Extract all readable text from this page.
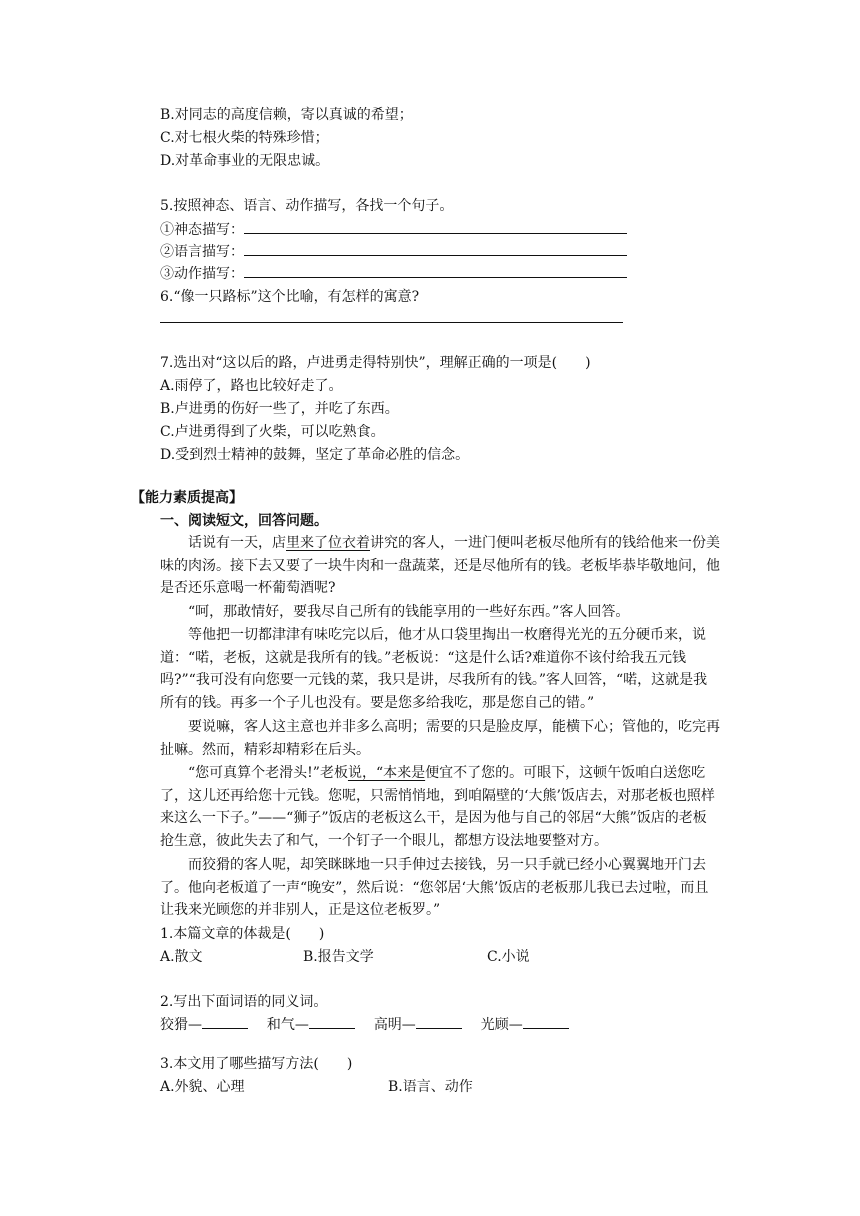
B.对同志的高度信赖，寄以真诚的希望；
C.对七根火柴的特殊珍惜；
D.对革命事业的无限忠诚。
5.按照神态、语言、动作描写，各找一个句子。
①神态描写：
②语言描写：
③动作描写：
6.“像一只路标”这个比喻，有怎样的寓意?
7.选出对“这以后的路，卢进勇走得特别快”，理解正确的一项是(　　)
A.雨停了，路也比较好走了。
B.卢进勇的伤好一些了，并吃了东西。
C.卢进勇得到了火柴，可以吃熟食。
D.受到烈士精神的鼓舞，坚定了革命必胜的信念。
【能力素质提高】
一、阅读短文，回答问题。
话说有一天，店里来了位衣着讲究的客人，一进门便叫老板尽他所有的钱给他来一份美味的肉汤。接下去又要了一块牛肉和一盘蔬菜，还是尽他所有的钱。老板毕恭毕敬地问，他是否还乐意喝一杯葡萄酒呢?
“呵，那敢情好，要我尽自己所有的钱能享用的一些好东西。”客人回答。
等他把一切都津津有味吃完以后，他才从口袋里掏出一枚磨得光光的五分硬币来，说道：“喏，老板，这就是我所有的钱。”老板说：“这是什么话?难道你不该付给我五元钱吗?”“我可没有向您要一元钱的菜，我只是讲，尽我所有的钱。”客人回答，“喏，这就是我所有的钱。再多一个子儿也没有。要是您多给我吃，那是您自己的错。”
要说嘛，客人这主意也并非多么高明；需要的只是脸皮厚，能横下心；管他的，吃完再扯嘛。然而，精彩却精彩在后头。
“您可真算个老滑头!”老板说，“本来是便宜不了您的。可眼下，这顿午饭咱白送您吃了，这儿还再给您十元钱。您呢，只需悄悄地，到咱隔壁的‘大熊’饭店去，对那老板也照样来这么一下子。”——“狮子”饭店的老板这么干，是因为他与自己的邻居“大熊”饭店的老板抢生意，彼此失去了和气，一个钉子一个眼儿，都想方设法地要整对方。
而狡猾的客人呢，却笑眯眯地一只手伸过去接钱，另一只手就已经小心翼翼地开门去了。他向老板道了一声“晚安”，然后说：“您邻居‘大熊’饭店的老板那儿我已去过啦，而且让我来光顾您的并非别人，正是这位老板罗。”
1.本篇文章的体裁是(　　)
A.散文	B.报告文学	C.小说
2.写出下面词语的同义词。
狡猾—	和气—	高明—	光顾—
3.本文用了哪些描写方法(　　)
A.外貌、心理	B.语言、动作
